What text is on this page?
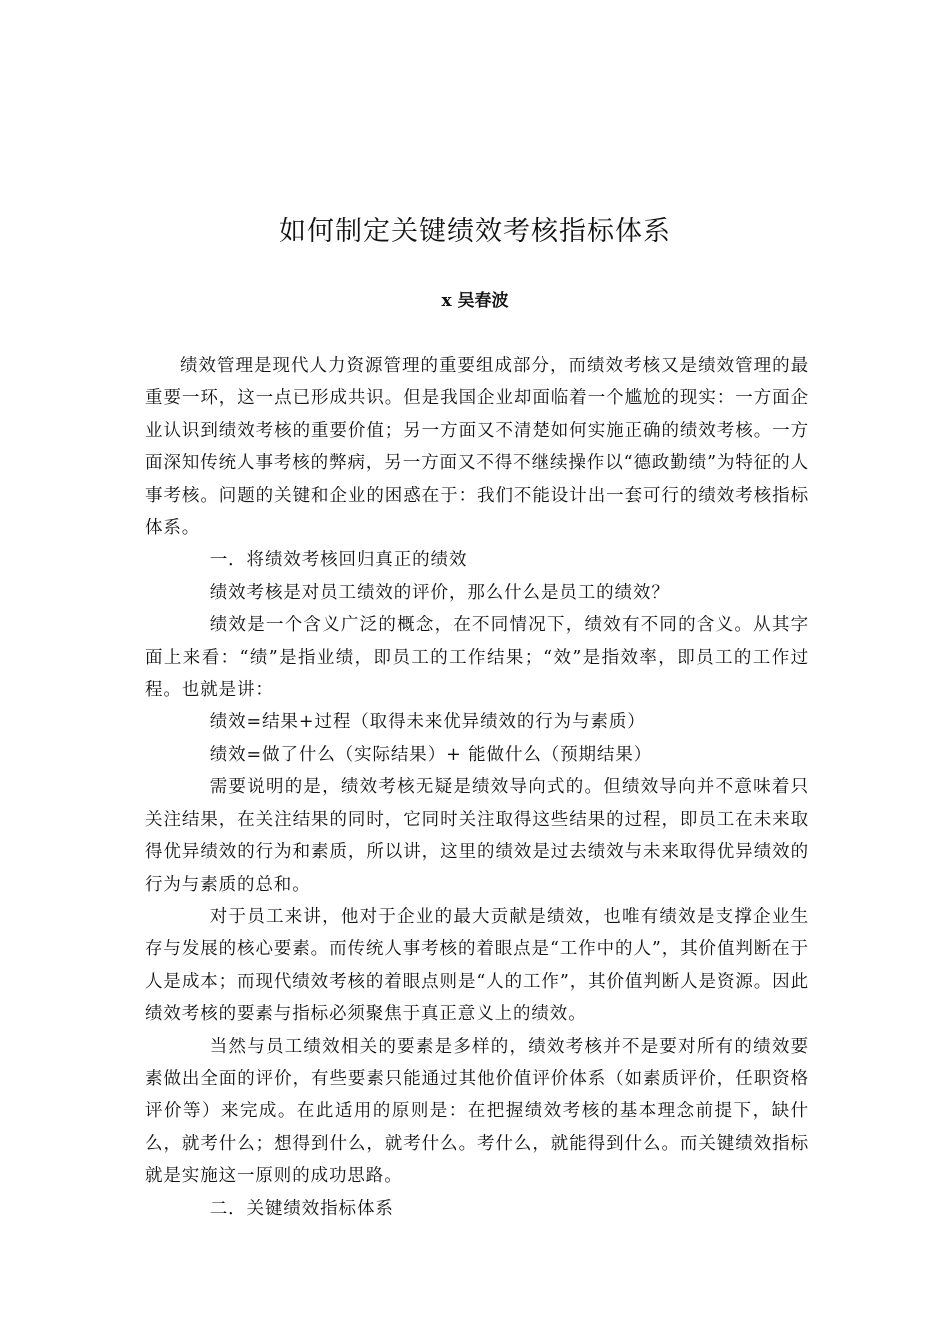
如何制定关键绩效考核指标体系
x 吴春波

绩效管理是现代人力资源管理的重要组成部分，而绩效考核又是绩效管理的最重要一环，这一点已形成共识。但是我国企业却面临着一个尴尬的现实：一方面企业认识到绩效考核的重要价值；另一方面又不清楚如何实施正确的绩效考核。一方面深知传统人事考核的弊病，另一方面又不得不继续操作以“德政勤绩”为特征的人事考核。问题的关键和企业的困惑在于：我们不能设计出一套可行的绩效考核指标体系。

一．将绩效考核回归真正的绩效

绩效考核是对员工绩效的评价，那么什么是员工的绩效？

绩效是一个含义广泛的概念，在不同情况下，绩效有不同的含义。从其字面上来看：“绩”是指业绩，即员工的工作结果；“效”是指效率，即员工的工作过程。也就是讲：

绩效=结果+过程（取得未来优异绩效的行为与素质）

绩效=做了什么（实际结果）+ 能做什么（预期结果）

需要说明的是，绩效考核无疑是绩效导向式的。但绩效导向并不意味着只关注结果，在关注结果的同时，它同时关注取得这些结果的过程，即员工在未来取得优异绩效的行为和素质，所以讲，这里的绩效是过去绩效与未来取得优异绩效的行为与素质的总和。

对于员工来讲，他对于企业的最大贡献是绩效，也唯有绩效是支撑企业生存与发展的核心要素。而传统人事考核的着眼点是“工作中的人”，其价值判断在于人是成本；而现代绩效考核的着眼点则是“人的工作”，其价值判断人是资源。因此绩效考核的要素与指标必须聚焦于真正意义上的绩效。

当然与员工绩效相关的要素是多样的，绩效考核并不是要对所有的绩效要素做出全面的评价，有些要素只能通过其他价值评价体系（如素质评价，任职资格评价等）来完成。在此适用的原则是：在把握绩效考核的基本理念前提下，缺什么，就考什么；想得到什么，就考什么。考什么，就能得到什么。而关键绩效指标就是实施这一原则的成功思路。

二．关键绩效指标体系
